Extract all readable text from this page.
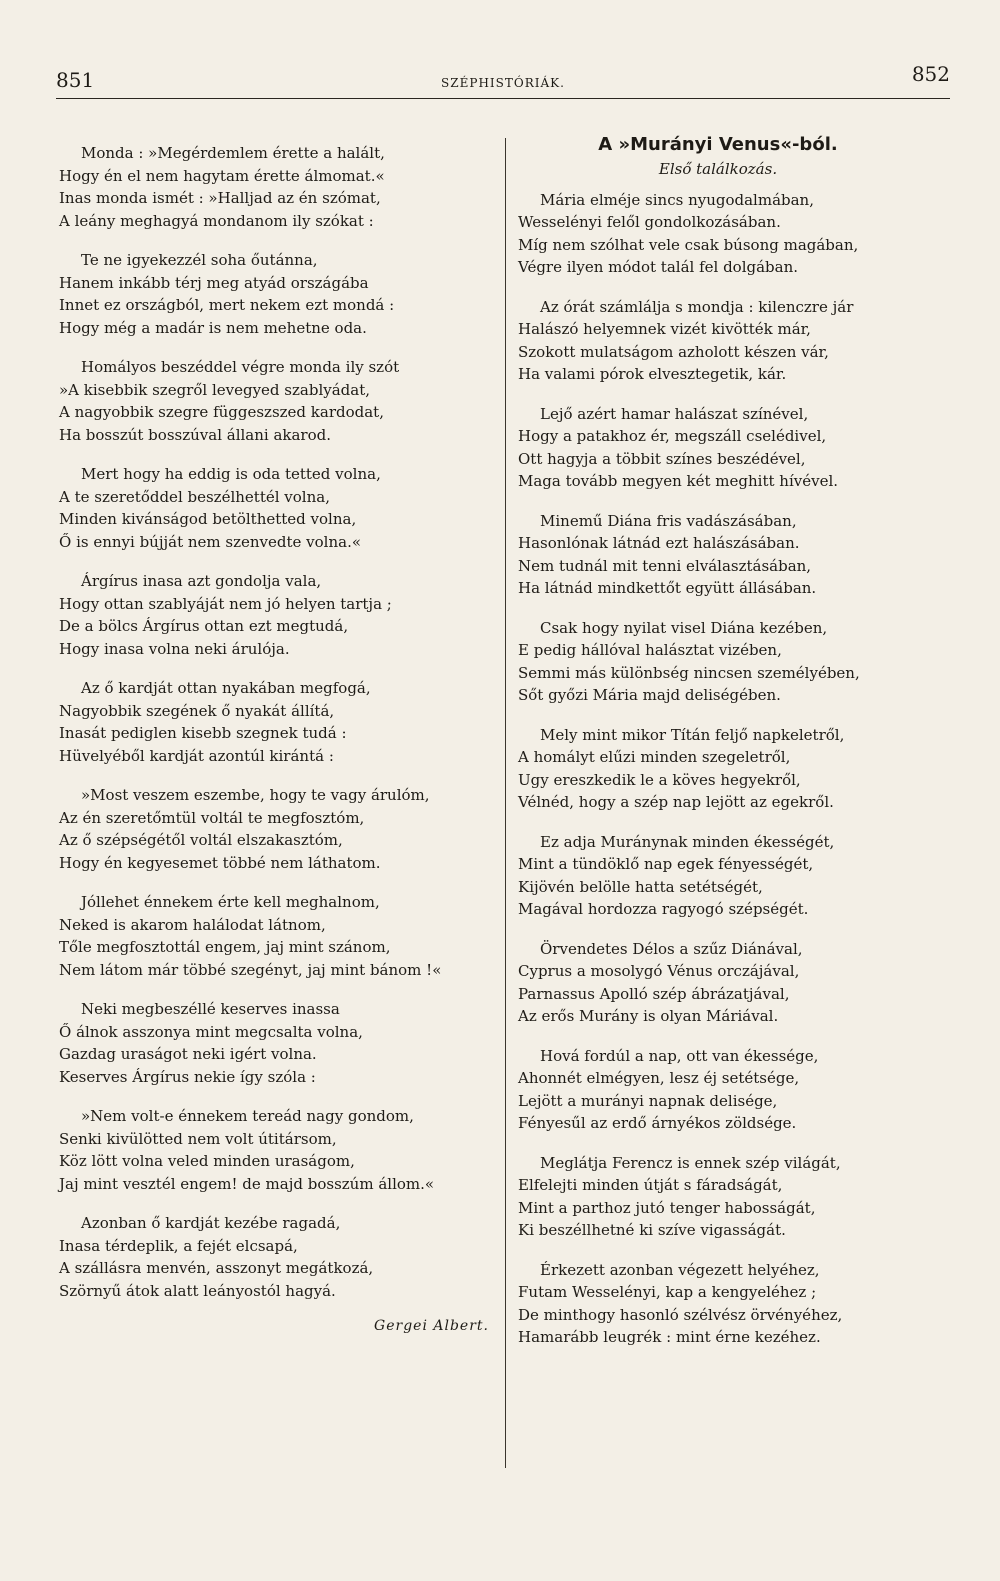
851	SZÉPHISTÓRIÁK.	852
Monda : »Megérdemlem érette a halált,
Hogy én el nem hagytam érette álmomat.«
Inas monda ismét : »Halljad az én szómat,
A leány meghagyá mondanom ily szókat :
Te ne igyekezzél soha őutánna,
Hanem inkább térj meg atyád országába
Innet ez országból, mert nekem ezt mondá :
Hogy még a madár is nem mehetne oda.
Homályos beszéddel végre monda ily szót
»A kisebbik szegről levegyed szablyádat,
A nagyobbik szegre függeszszed kardodat,
Ha bosszút bosszúval állani akarod.
Mert hogy ha eddig is oda tetted volna,
A te szeretőddel beszélhettél volna,
Minden kivánságod betölthetted volna,
Ő is ennyi bújját nem szenvedte volna.«
Árgírus inasa azt gondolja vala,
Hogy ottan szablyáját nem jó helyen tartja ;
De a bölcs Árgírus ottan ezt megtudá,
Hogy inasa volna neki árulója.
Az ő kardját ottan nyakában megfogá,
Nagyobbik szegének ő nyakát állítá,
Inasát pediglen kisebb szegnek tudá :
Hüvelyéből kardját azontúl kirántá :
»Most veszem eszembe, hogy te vagy árulóm,
Az én szeretőmtül voltál te megfosztóm,
Az ő szépségétől voltál elszakasztóm,
Hogy én kegyesemet többé nem láthatom.
Jóllehet énnekem érte kell meghalnom,
Neked is akarom halálodat látnom,
Tőle megfosztottál engem, jaj mint szánom,
Nem látom már többé szegényt, jaj mint bánom !«
Neki megbeszéllé keserves inassa
Ő álnok asszonya mint megcsalta volna,
Gazdag uraságot neki igért volna.
Keserves Árgírus nekie így szóla :
»Nem volt-e énnekem tereád nagy gondom,
Senki kivülötted nem volt útitársom,
Köz lött volna veled minden uraságom,
Jaj mint vesztél engem! de majd bosszúm állom.«
Azonban ő kardját kezébe ragadá,
Inasa térdeplik, a fejét elcsapá,
A szállásra menvén, asszonyt megátkozá,
Szörnyű átok alatt leányostól hagyá.
Gergei Albert.
A »Murányi Venus«-ból.
Első találkozás.
Mária elméje sincs nyugodalmában,
Wesselényi felől gondolkozásában.
Míg nem szólhat vele csak búsong magában,
Végre ilyen módot talál fel dolgában.
Az órát számlálja s mondja : kilenczre jár
Halászó helyemnek vizét kivötték már,
Szokott mulatságom azholott készen vár,
Ha valami pórok elvesztegetik, kár.
Lejő azért hamar halászat színével,
Hogy a patakhoz ér, megszáll cselédivel,
Ott hagyja a többit színes beszédével,
Maga tovább megyen két meghitt hívével.
Minemű Diána fris vadászásában,
Hasonlónak látnád ezt halászásában.
Nem tudnál mit tenni elválasztásában,
Ha látnád mindkettőt együtt állásában.
Csak hogy nyilat visel Diána kezében,
E pedig hállóval halásztat vizében,
Semmi más különbség nincsen személyében,
Sőt győzi Mária majd deliségében.
Mely mint mikor Títán feljő napkeletről,
A homályt elűzi minden szegeletről,
Ugy ereszkedik le a köves hegyekről,
Vélnéd, hogy a szép nap lejött az egekről.
Ez adja Muránynak minden ékességét,
Mint a tündöklő nap egek fényességét,
Kijövén belölle hatta setétségét,
Magával hordozza ragyogó szépségét.
Örvendetes Délos a szűz Diánával,
Cyprus a mosolygó Vénus orczájával,
Parnassus Apolló szép ábrázatjával,
Az erős Murány is olyan Máriával.
Hová fordúl a nap, ott van ékessége,
Ahonnét elmégyen, lesz éj setétsége,
Lejött a murányi napnak delisége,
Fényesűl az erdő árnyékos zöldsége.
Meglátja Ferencz is ennek szép világát,
Elfelejti minden útját s fáradságát,
Mint a parthoz jutó tenger habosságát,
Ki beszéllhetné ki szíve vigasságát.
Érkezett azonban végezett helyéhez,
Futam Wesselényi, kap a kengyeléhez ;
De minthogy hasonló szélvész örvényéhez,
Hamarább leugrék : mint érne kezéhez.
